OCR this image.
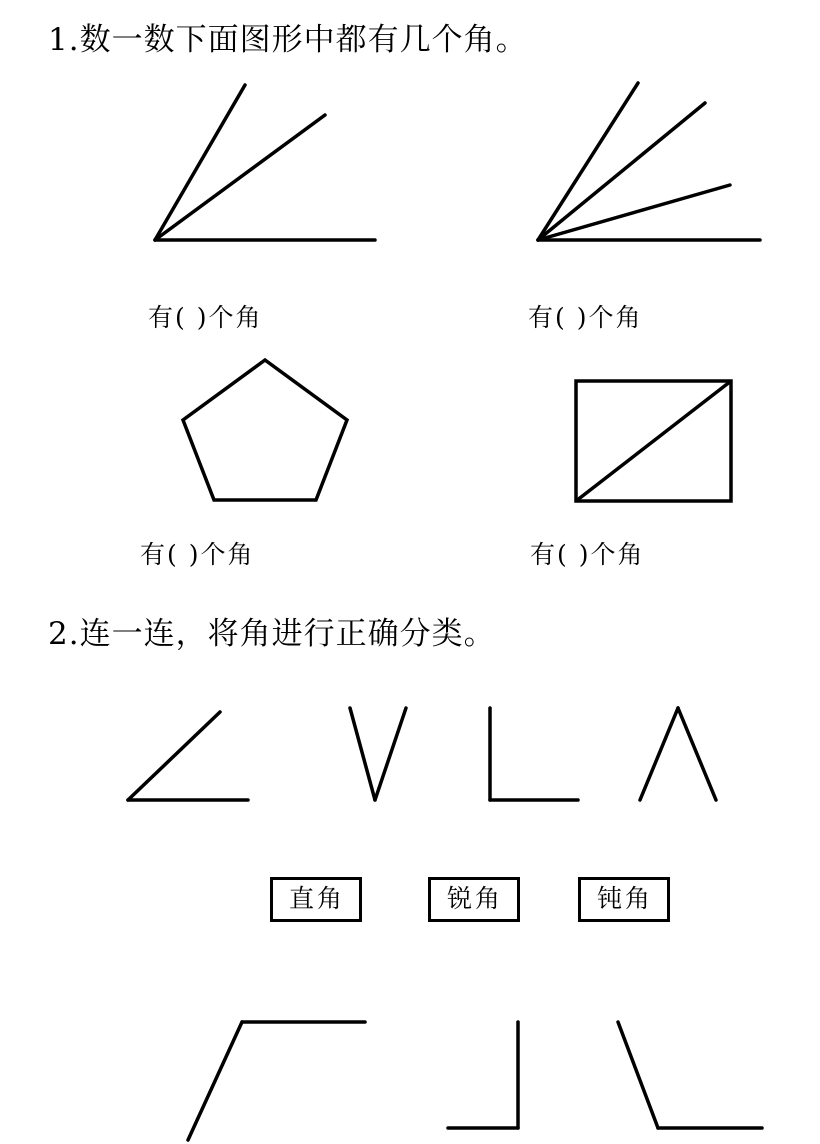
1.数一数下面图形中都有几个角。
有( )个角	有( )个角
有( )个角	有( )个角
2.连一连，将角进行正确分类。
直角	锐角	钝角
